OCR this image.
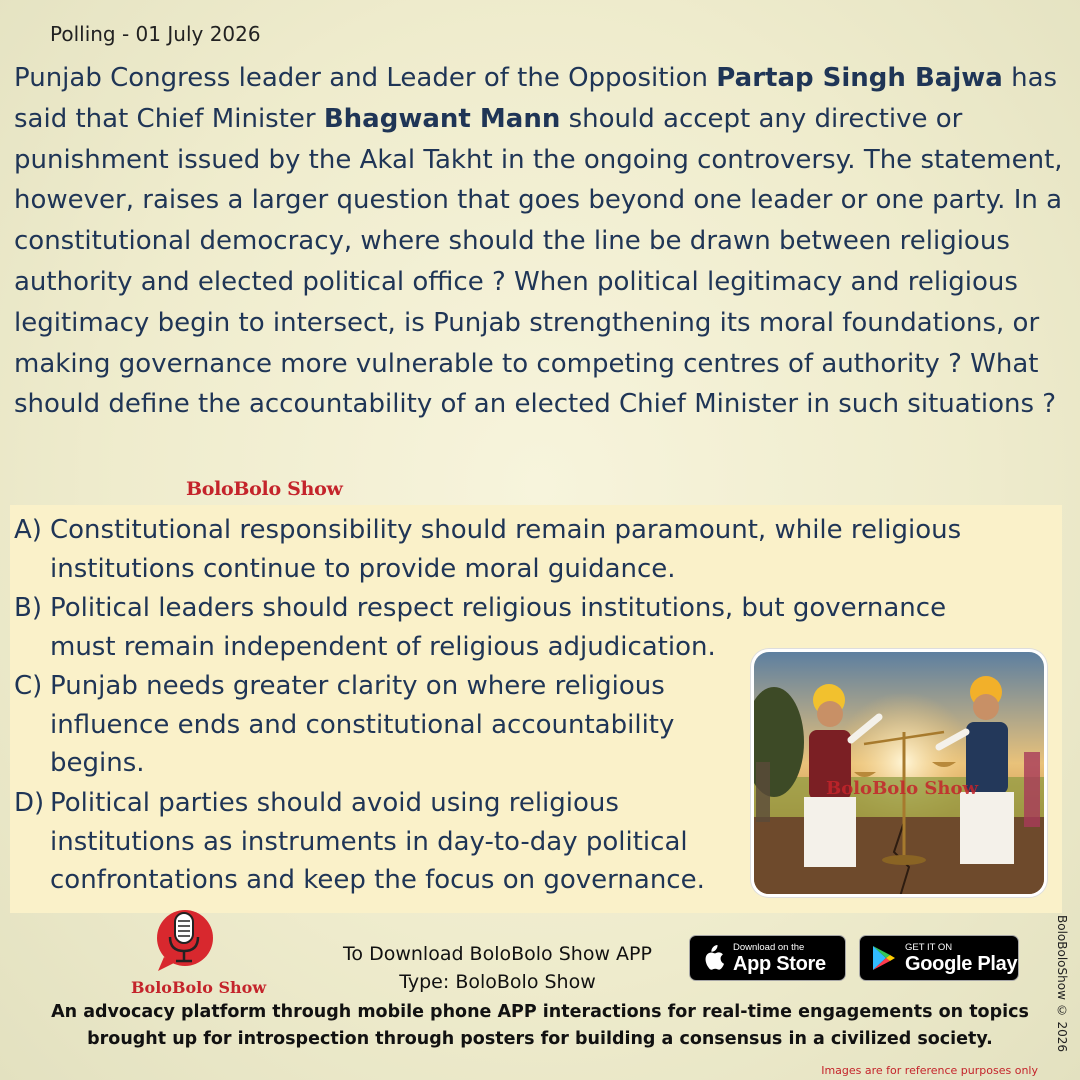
Polling - 01 July 2026
Punjab Congress leader and Leader of the Opposition Partap Singh Bajwa has said that Chief Minister Bhagwant Mann should accept any directive or punishment issued by the Akal Takht in the ongoing controversy. The statement, however, raises a larger question that goes beyond one leader or one party. In a constitutional democracy, where should the line be drawn between religious authority and elected political office ? When political legitimacy and religious legitimacy begin to intersect, is Punjab strengthening its moral foundations, or making governance more vulnerable to competing centres of authority ? What should define the accountability of an elected Chief Minister in such situations ?
BoloBolo Show
A) Constitutional responsibility should remain paramount, while religious
institutions continue to provide moral guidance.
B) Political leaders should respect religious institutions, but governance
must remain independent of religious adjudication.
C) Punjab needs greater clarity on where religious
influence ends and constitutional accountability begins.
D) Political parties should avoid using religious
institutions as instruments in day-to-day political confrontations and keep the focus on governance.
BoloBolo Show
BoloBolo Show
To Download BoloBolo Show APP
Type: BoloBolo Show
Download on the
App Store
GET IT ON
Google Play
An advocacy platform through mobile phone APP interactions for real-time engagements on topics
brought up for introspection through posters for building a consensus in a civilized society.	BoloBoloShow © 2026
Images are for reference purposes only
